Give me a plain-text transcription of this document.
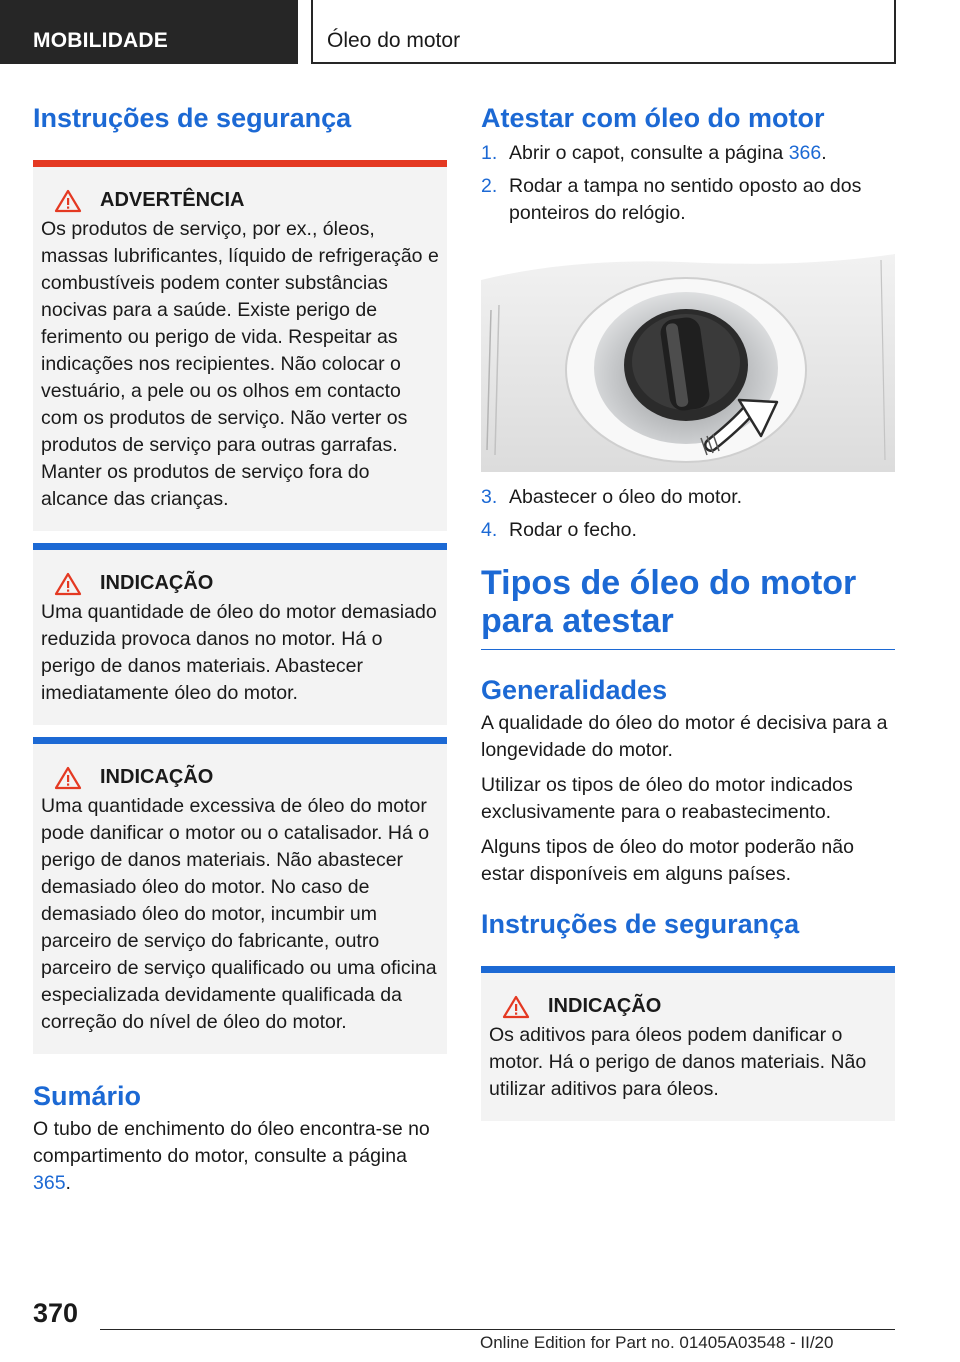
MOBILIDADE	Óleo do motor
Instruções de segurança
ADVERTÊNCIA

Os produtos de serviço, por ex., óleos, massas lubrificantes, líquido de refrigeração e combustíveis podem conter substâncias nocivas para a saúde. Existe perigo de ferimento ou perigo de vida. Respeitar as indicações nos recipientes. Não colocar o vestuário, a pele ou os olhos em contacto com os produtos de serviço. Não verter os produtos de serviço para outras garrafas. Manter os produtos de serviço fora do alcance das crianças.

INDICAÇÃO

Uma quantidade de óleo do motor demasiado reduzida provoca danos no motor. Há o perigo de danos materiais. Abastecer imediatamente óleo do motor.

INDICAÇÃO

Uma quantidade excessiva de óleo do motor pode danificar o motor ou o catalisador. Há o perigo de danos materiais. Não abastecer demasiado óleo do motor. No caso de demasiado óleo do motor, incumbir um parceiro de serviço do fabricante, outro parceiro de serviço qualificado ou uma oficina especializada devidamente qualificada da correção do nível de óleo do motor.

Sumário

O tubo de enchimento do óleo encontra-se no compartimento do motor, consulte a página 365.

Atestar com óleo do motor
1. Abrir o capot, consulte a página 366.
2. Rodar a tampa no sentido oposto ao dos ponteiros do relógio.
3. Abastecer o óleo do motor.
4. Rodar o fecho.
Tipos de óleo do motor para atestar
Generalidades

A qualidade do óleo do motor é decisiva para a longevidade do motor.

Utilizar os tipos de óleo do motor indicados exclusivamente para o reabastecimento.

Alguns tipos de óleo do motor poderão não estar disponíveis em alguns países.

Instruções de segurança
INDICAÇÃO

Os aditivos para óleos podem danificar o motor. Há o perigo de danos materiais. Não utilizar aditivos para óleos.

370
Online Edition for Part no. 01405A03548 - II/20
